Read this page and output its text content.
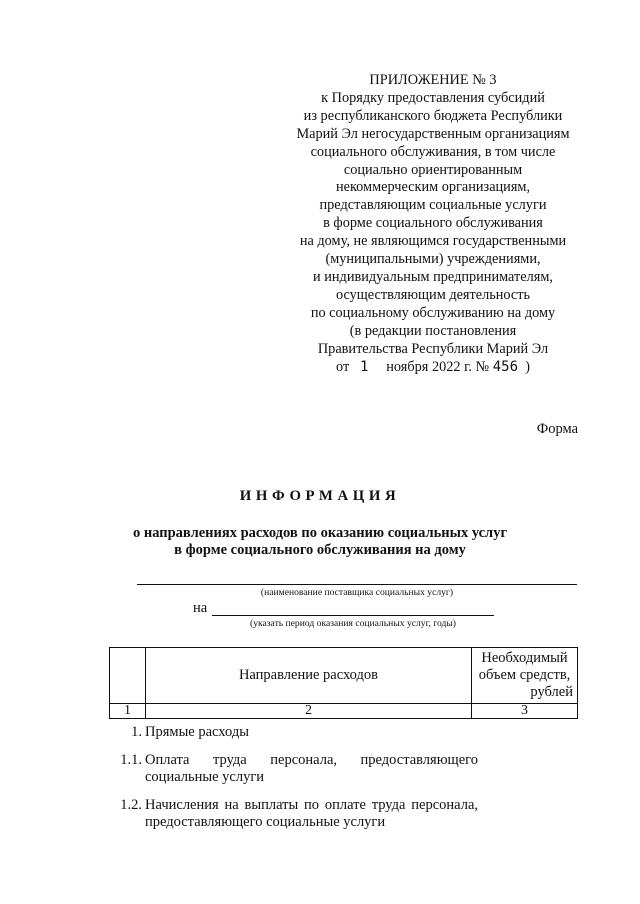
ПРИЛОЖЕНИЕ № 3
к Порядку предоставления субсидий
из республиканского бюджета Республики
Марий Эл негосударственным организациям
социального обслуживания, в том числе
социально ориентированным
некоммерческим организациям,
представляющим социальные услуги
в форме социального обслуживания
на дому, не являющимся государственными
(муниципальными) учреждениями,
и индивидуальным предпринимателям,
осуществляющим деятельность
по социальному обслуживанию на дому
(в редакции постановления
Правительства Республики Марий Эл
от 1 ноября 2022 г. № 456 )
Форма
ИНФОРМАЦИЯ
о направлениях расходов по оказанию социальных услуг
в форме социального обслуживания на дому
(наименование поставщика социальных услуг)
на
(указать период оказания социальных услуг, годы)
	Направление расходов	Необходимый
объем средств,
рублей

1	2	3
1. Прямые расходы
1.1. Оплата труда персонала, предоставляющего социальные услуги
1.2. Начисления на выплаты по оплате труда персонала, предоставляющего социальные услуги
